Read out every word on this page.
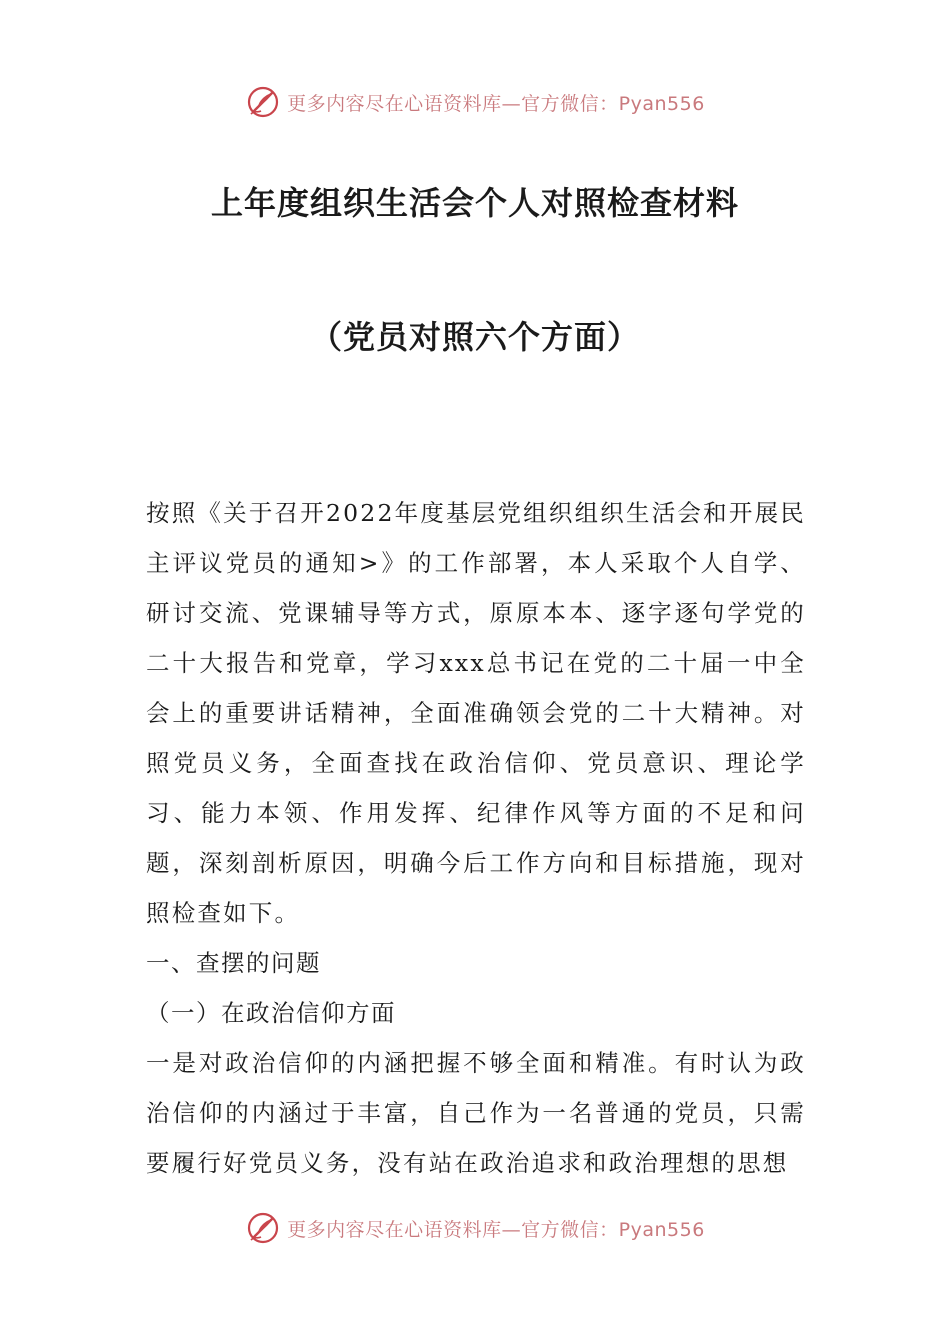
更多内容尽在心语资料库—官方微信：Pyan556
上年度组织生活会个人对照检查材料
（党员对照六个方面）

按照《关于召开2022年度基层党组织组织生活会和开展民主评议党员的通知>》的工作部署，本人采取个人自学、研讨交流、党课辅导等方式，原原本本、逐字逐句学党的二十大报告和党章，学习xxx总书记在党的二十届一中全会上的重要讲话精神，全面准确领会党的二十大精神。对照党员义务，全面查找在政治信仰、党员意识、理论学习、能力本领、作用发挥、纪律作风等方面的不足和问题，深刻剖析原因，明确今后工作方向和目标措施，现对照检查如下。

一、查摆的问题

（一）在政治信仰方面

一是对政治信仰的内涵把握不够全面和精准。有时认为政治信仰的内涵过于丰富，自己作为一名普通的党员，只需要履行好党员义务，没有站在政治追求和政治理想的思想

更多内容尽在心语资料库—官方微信：Pyan556
